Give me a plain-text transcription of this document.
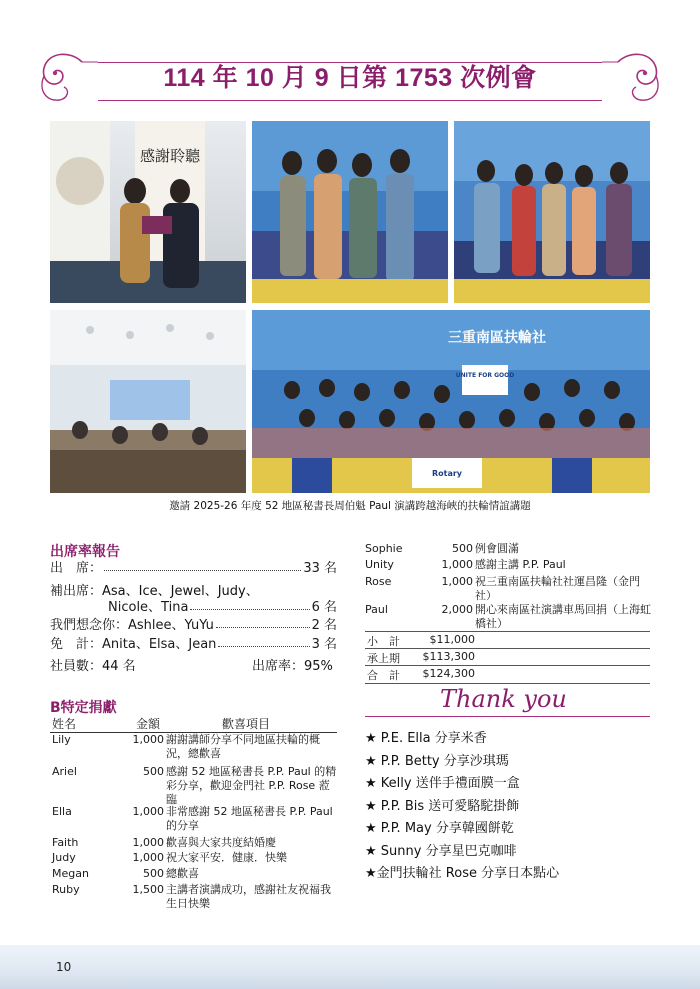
114 年 10 月 9 日第 1753 次例會
感謝聆聽
三重南區扶輪社
UNITE FOR GOOD
Rotary
邀請 2025-26 年度 52 地區秘書長周伯魁 Paul 演講跨越海峽的扶輪情誼講題
出席率報告
出　席：	33 名
補出席：Asa、Ice、Jewel、Judy、
Nicole、Tina	6 名
我們想念你：Ashlee、YuYu	2 名
免　計：Anita、Elsa、Jean	3 名
社員數：44 名	出席率：95%
B特定捐獻
姓名	金額	歡喜項目
Lily	1,000 謝謝講師分享不同地區扶輪的概況，總歡喜
Ariel	500 感謝 52 地區秘書長 P.P. Paul 的精彩分享，歡迎金門社 P.P. Rose 蒞臨
Ella	1,000 非常感謝 52 地區秘書長 P.P. Paul 的分享
Faith	1,000 歡喜與大家共度結婚慶
Judy	1,000 祝大家平安．健康．快樂
Megan	500 總歡喜
Ruby	1,500 主講者演講成功，感謝社友祝福我生日快樂
Sophie	500 例會圓滿
Unity	1,000 感謝主講 P.P. Paul
Rose	1,000 祝三重南區扶輪社社運昌隆（金門社）
Paul	2,000 開心來南區社演講車馬回捐（上海虹橋社）
小　計	$11,000
承上期	$113,300
合　計	$124,300
Thank you
★ P.E. Ella 分享米香
★ P.P. Betty 分享沙琪瑪
★ Kelly 送伴手禮面膜一盒
★ P.P. Bis 送可愛駱駝掛飾
★ P.P. May 分享韓國餅乾
★ Sunny 分享星巴克咖啡
★金門扶輪社 Rose 分享日本點心
10
